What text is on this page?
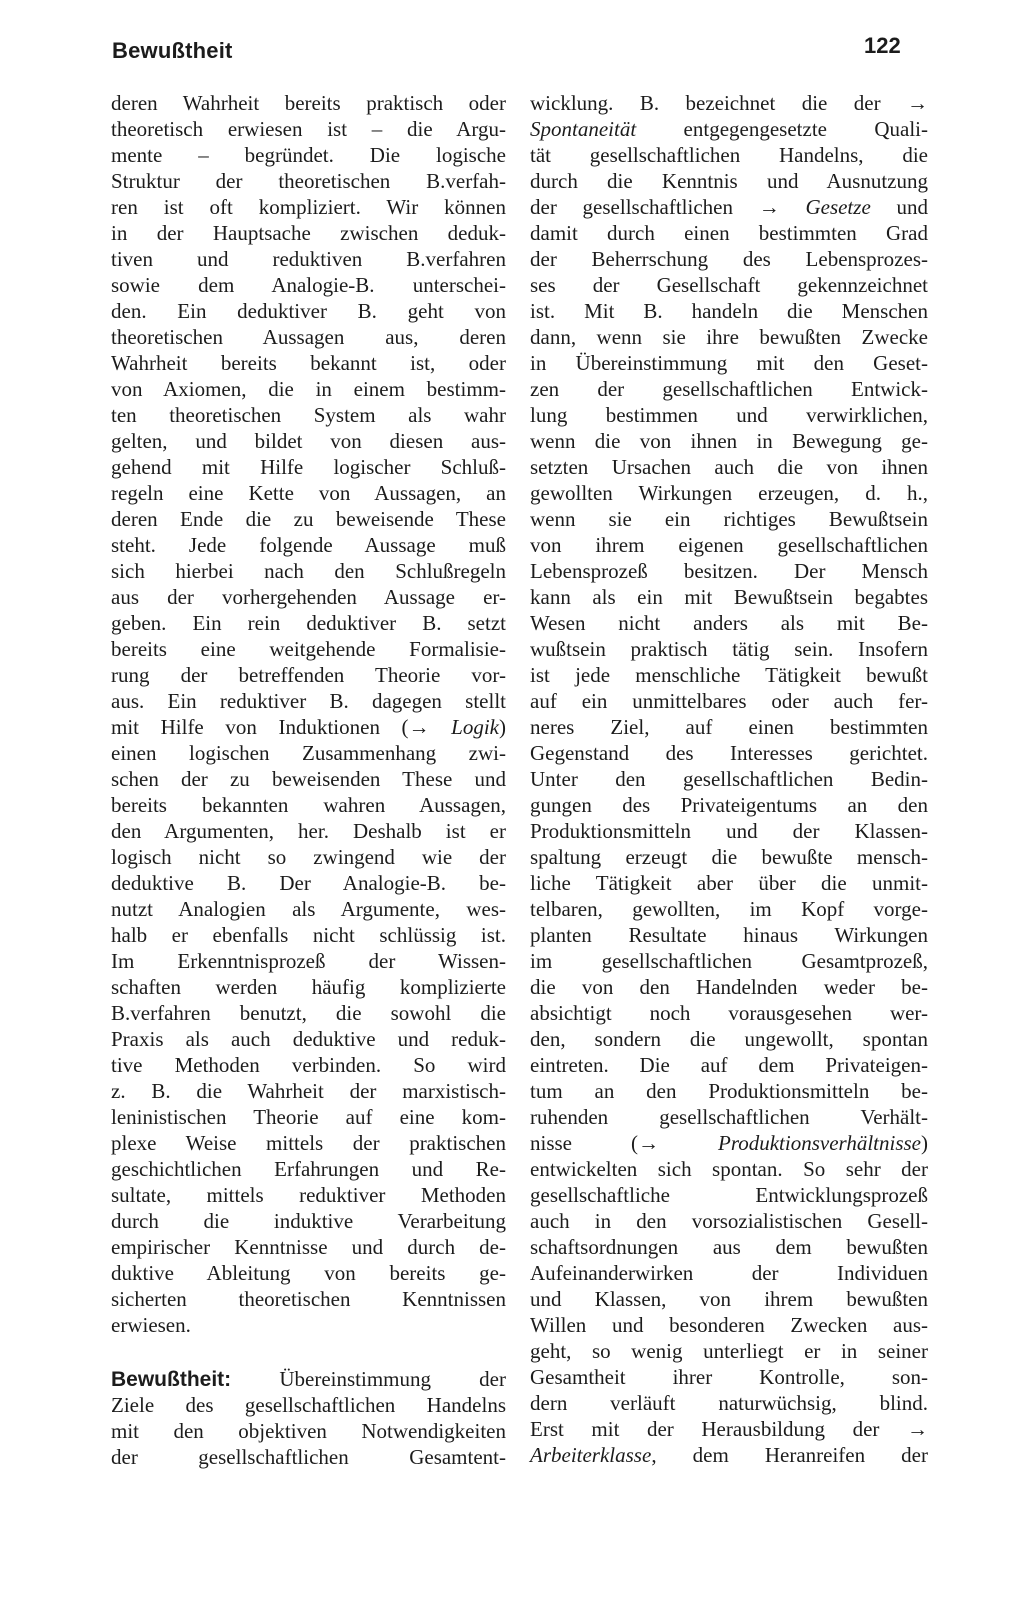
Bewußtheit	122
deren Wahrheit bereits praktisch oder
theoretisch erwiesen ist – die Argu-
mente – begründet. Die logische
Struktur der theoretischen B.verfah-
ren ist oft kompliziert. Wir können
in der Hauptsache zwischen deduk-
tiven und reduktiven B.verfahren
sowie dem Analogie-B. unterschei-
den. Ein deduktiver B. geht von
theoretischen Aussagen aus, deren
Wahrheit bereits bekannt ist, oder
von Axiomen, die in einem bestimm-
ten theoretischen System als wahr
gelten, und bildet von diesen aus-
gehend mit Hilfe logischer Schluß-
regeln eine Kette von Aussagen, an
deren Ende die zu beweisende These
steht. Jede folgende Aussage muß
sich hierbei nach den Schlußregeln
aus der vorhergehenden Aussage er-
geben. Ein rein deduktiver B. setzt
bereits eine weitgehende Formalisie-
rung der betreffenden Theorie vor-
aus. Ein reduktiver B. dagegen stellt
mit Hilfe von Induktionen (→ Logik)
einen logischen Zusammenhang zwi-
schen der zu beweisenden These und
bereits bekannten wahren Aussagen,
den Argumenten, her. Deshalb ist er
logisch nicht so zwingend wie der
deduktive B. Der Analogie-B. be-
nutzt Analogien als Argumente, wes-
halb er ebenfalls nicht schlüssig ist.
Im Erkenntnisprozeß der Wissen-
schaften werden häufig komplizierte
B.verfahren benutzt, die sowohl die
Praxis als auch deduktive und reduk-
tive Methoden verbinden. So wird
z. B. die Wahrheit der marxistisch-
leninistischen Theorie auf eine kom-
plexe Weise mittels der praktischen
geschichtlichen Erfahrungen und Re-
sultate, mittels reduktiver Methoden
durch die induktive Verarbeitung
empirischer Kenntnisse und durch de-
duktive Ableitung von bereits ge-
sicherten theoretischen Kenntnissen
erwiesen.
Bewußtheit: Übereinstimmung der
Ziele des gesellschaftlichen Handelns
mit den objektiven Notwendigkeiten
der gesellschaftlichen Gesamtent-
wicklung. B. bezeichnet die der →
Spontaneität entgegengesetzte Quali-
tät gesellschaftlichen Handelns, die
durch die Kenntnis und Ausnutzung
der gesellschaftlichen → Gesetze und
damit durch einen bestimmten Grad
der Beherrschung des Lebensprozes-
ses der Gesellschaft gekennzeichnet
ist. Mit B. handeln die Menschen
dann, wenn sie ihre bewußten Zwecke
in Übereinstimmung mit den Geset-
zen der gesellschaftlichen Entwick-
lung bestimmen und verwirklichen,
wenn die von ihnen in Bewegung ge-
setzten Ursachen auch die von ihnen
gewollten Wirkungen erzeugen, d. h.,
wenn sie ein richtiges Bewußtsein
von ihrem eigenen gesellschaftlichen
Lebensprozeß besitzen. Der Mensch
kann als ein mit Bewußtsein begabtes
Wesen nicht anders als mit Be-
wußtsein praktisch tätig sein. Insofern
ist jede menschliche Tätigkeit bewußt
auf ein unmittelbares oder auch fer-
neres Ziel, auf einen bestimmten
Gegenstand des Interesses gerichtet.
Unter den gesellschaftlichen Bedin-
gungen des Privateigentums an den
Produktionsmitteln und der Klassen-
spaltung erzeugt die bewußte mensch-
liche Tätigkeit aber über die unmit-
telbaren, gewollten, im Kopf vorge-
planten Resultate hinaus Wirkungen
im gesellschaftlichen Gesamtprozeß,
die von den Handelnden weder be-
absichtigt noch vorausgesehen wer-
den, sondern die ungewollt, spontan
eintreten. Die auf dem Privateigen-
tum an den Produktionsmitteln be-
ruhenden gesellschaftlichen Verhält-
nisse (→	Produktionsverhältnisse)
entwickelten sich spontan. So sehr der
gesellschaftliche Entwicklungsprozeß
auch in den vorsozialistischen Gesell-
schaftsordnungen aus dem bewußten
Aufeinanderwirken der Individuen
und Klassen, von ihrem bewußten
Willen und besonderen Zwecken aus-
geht, so wenig unterliegt er in seiner
Gesamtheit ihrer Kontrolle, son-
dern verläuft naturwüchsig, blind.
Erst mit der Herausbildung der →
Arbeiterklasse, dem Heranreifen der
